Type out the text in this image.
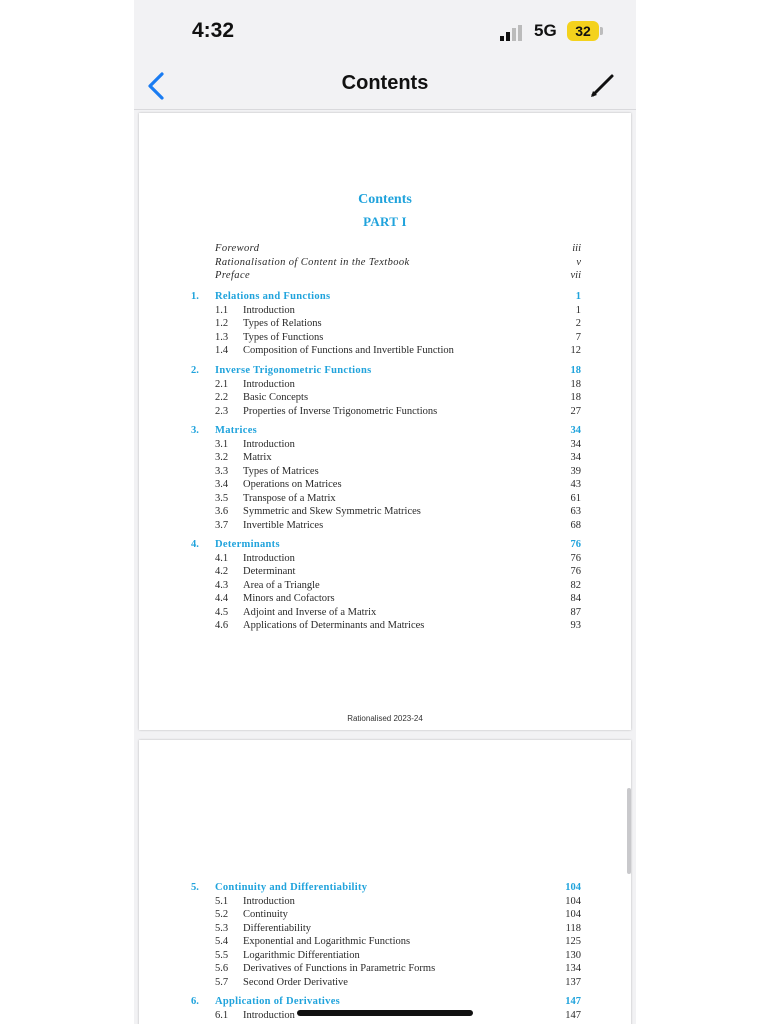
4:32	5G	32
Contents
Contents
PART I
Foreword	iii
Rationalisation of Content in the Textbook	v
Preface	vii
1. Relations and Functions	1
1.1 Introduction	1
1.2 Types of Relations	2
1.3 Types of Functions	7
1.4 Composition of Functions and Invertible Function	12
2. Inverse Trigonometric Functions	18
2.1 Introduction	18
2.2 Basic Concepts	18
2.3 Properties of Inverse Trigonometric Functions	27
3. Matrices	34
3.1 Introduction	34
3.2 Matrix	34
3.3 Types of Matrices	39
3.4 Operations on Matrices	43
3.5 Transpose of a Matrix	61
3.6 Symmetric and Skew Symmetric Matrices	63
3.7 Invertible Matrices	68
4. Determinants	76
4.1 Introduction	76
4.2 Determinant	76
4.3 Area of a Triangle	82
4.4 Minors and Cofactors	84
4.5 Adjoint and Inverse of a Matrix	87
4.6 Applications of Determinants and Matrices	93
Rationalised 2023-24
5. Continuity and Differentiability	104
5.1 Introduction	104
5.2 Continuity	104
5.3 Differentiability	118
5.4 Exponential and Logarithmic Functions	125
5.5 Logarithmic Differentiation	130
5.6 Derivatives of Functions in Parametric Forms	134
5.7 Second Order Derivative	137
6. Application of Derivatives	147
6.1 Introduction	147
